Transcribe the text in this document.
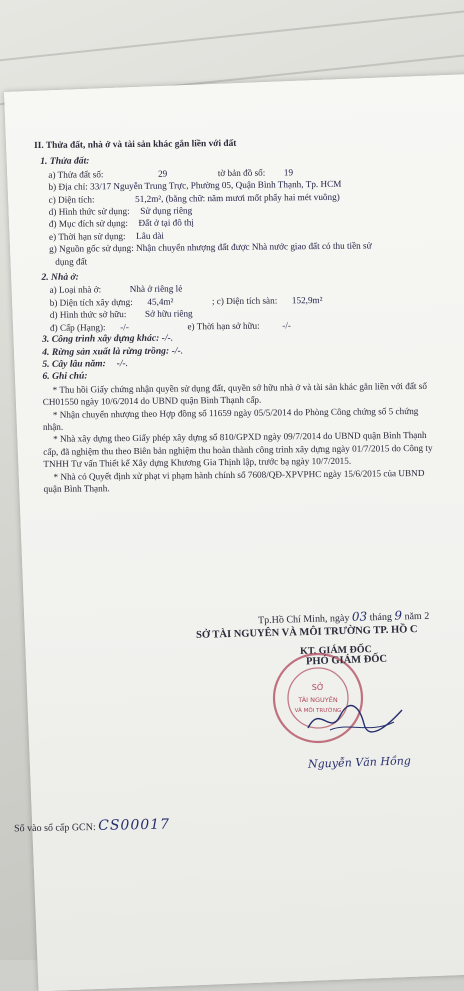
II. Thửa đất, nhà ở và tài sản khác gắn liền với đất
1. Thửa đất:
a) Thửa đất số:	29	tờ bản đồ số: 19
b) Địa chỉ: 33/17 Nguyễn Trung Trực, Phường 05, Quận Bình Thạnh, Tp. HCM
c) Diện tích:	51,2m², (bằng chữ: năm mươi mốt phẩy hai mét vuông)
d) Hình thức sử dụng: Sử dụng riêng
đ) Mục đích sử dụng: Đất ở tại đô thị
e) Thời hạn sử dụng: Lâu dài
g) Nguồn gốc sử dụng: Nhận chuyển nhượng đất được Nhà nước giao đất có thu tiền sử
dụng đất
2. Nhà ở:
a) Loại nhà ở:	Nhà ở riêng lẻ
b) Diện tích xây dựng: 45,4m²	; c) Diện tích sàn: 152,9m²
d) Hình thức sở hữu: Sở hữu riêng
đ) Cấp (Hạng): -/-	e) Thời hạn sở hữu: -/-
3. Công trình xây dựng khác: -/-.
4. Rừng sản xuất là rừng trồng: -/-.
5. Cây lâu năm: -/-.
6. Ghi chú:
* Thu hồi Giấy chứng nhận quyền sử dụng đất, quyền sở hữu nhà ở và tài sản khác gắn liền với đất số CH01550 ngày 10/6/2014 do UBND quận Bình Thạnh cấp.
* Nhận chuyển nhượng theo Hợp đồng số 11659 ngày 05/5/2014 do Phòng Công chứng số 5 chứng nhận.
* Nhà xây dựng theo Giấy phép xây dựng số 810/GPXD ngày 09/7/2014 do UBND quận Bình Thạnh cấp, đã nghiệm thu theo Biên bản nghiệm thu hoàn thành công trình xây dựng ngày 01/7/2015 do Công ty TNHH Tư vấn Thiết kế Xây dựng Khương Gia Thịnh lập, trước bạ ngày 10/7/2015.
* Nhà có Quyết định xử phạt vi phạm hành chính số 7608/QĐ-XPVPHC ngày 15/6/2015 của UBND quận Bình Thạnh.
Tp.Hồ Chí Minh, ngày 03 tháng 9 năm 2
SỞ TÀI NGUYÊN VÀ MÔI TRƯỜNG TP. HỒ C
KT. GIÁM ĐỐC
SỞ
TÀI NGUYÊN
VÀ MÔI TRƯỜNG
PHÓ GIÁM ĐỐC
Nguyễn Văn Hồng
Số vào sổ cấp GCN: CS00017
